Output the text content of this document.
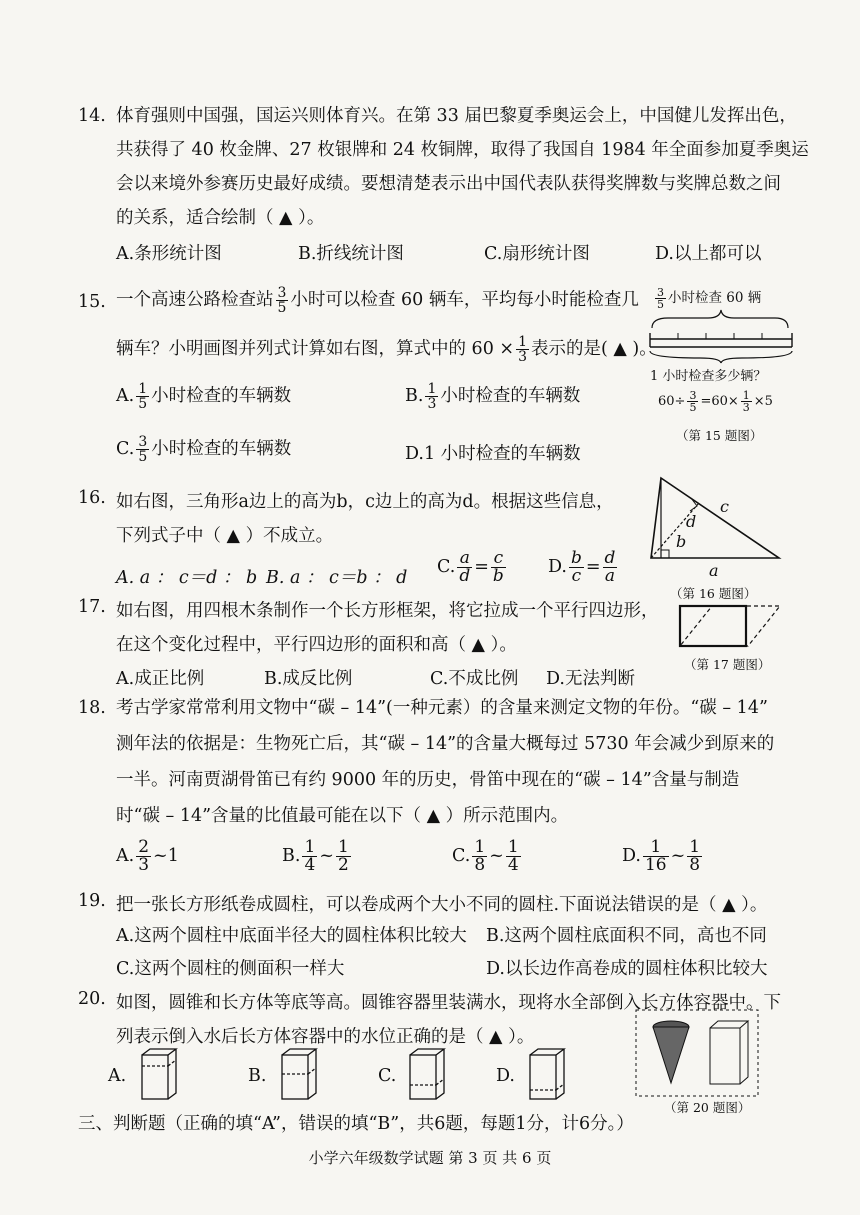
14. 体育强则中国强，国运兴则体育兴。在第 33 届巴黎夏季奥运会上，中国健儿发挥出色，
共获得了 40 枚金牌、27 枚银牌和 24 枚铜牌，取得了我国自 1984 年全面参加夏季奥运
会以来境外参赛历史最好成绩。要想清楚表示出中国代表队获得奖牌数与奖牌总数之间
的关系，适合绘制（ ▲ ）。
A.条形统计图	B.折线统计图	C.扇形统计图	D.以上都可以
15. 一个高速公路检查站 $\frac{3}{5}$ 小时可以检查 60 辆车，平均每小时能检查几
辆车？小明画图并列式计算如右图，算式中的 $60 \times \frac{1}{3}$ 表示的是( ▲ )。
A. $\frac{1}{5}$ 小时检查的车辆数	B. $\frac{1}{3}$ 小时检查的车辆数
C. $\frac{3}{5}$ 小时检查的车辆数	D.1 小时检查的车辆数
$\frac{3}{5}$ 小时检查 60 辆
1 小时检查多少辆？
$60\div \frac{3}{5} =60\times \frac{1}{3} \times 5$
（第 15 题图）
16. 如右图，三角形a边上的高为b，c边上的高为d。根据这些信息，
下列式子中（ ▲ ）不成立。
A. a ： c＝d ： b B. a ： c＝b ： d
C. $\frac{a}{d} = \frac{c}{b} D$. $\frac{b}{c} = \frac{d}{a}$
c
d
b
a
（第 16 题图）
17. 如右图，用四根木条制作一个长方形框架，将它拉成一个平行四边形，
在这个变化过程中，平行四边形的面积和高（ ▲ ）。
A.成正比例	B.成反比例	C.不成比例 D.无法判断
（第 17 题图）
18. 考古学家常常利用文物中“碳 – 14”(一种元素）的含量来测定文物的年份。“碳 – 14”
测年法的依据是：生物死亡后，其“碳 – 14”的含量大概每过 5730 年会减少到原来的
一半。河南贾湖骨笛已有约 9000 年的历史，骨笛中现在的“碳 – 14”含量与制造
时“碳 – 14”含量的比值最可能在以下（ ▲ ）所示范围内。
A. $\frac{2}{3}$ ~1	B. $\frac{1}{4}$ ~ $\frac{1}{2}$	C. $\frac{1}{8}$ ~ $\frac{1}{4}$	D. $\frac{1}{16}$ ~ $\frac{1}{8}$
19. 把一张长方形纸卷成圆柱，可以卷成两个大小不同的圆柱.下面说法错误的是（ ▲ ）。
A.这两个圆柱中底面半径大的圆柱体积比较大 B.这两个圆柱底面积不同，高也不同
C.这两个圆柱的侧面积一样大	D.以长边作高卷成的圆柱体积比较大
20. 如图，圆锥和长方体等底等高。圆锥容器里装满水，现将水全部倒入长方体容器中。下
列表示倒入水后长方体容器中的水位正确的是（ ▲ ）。
A.	B.	C.	D.
（第 20 题图）
三、判断题（正确的填“A”，错误的填“B”，共6题，每题1分，计6分。）
小学六年级数学试题 第 3 页 共 6 页
